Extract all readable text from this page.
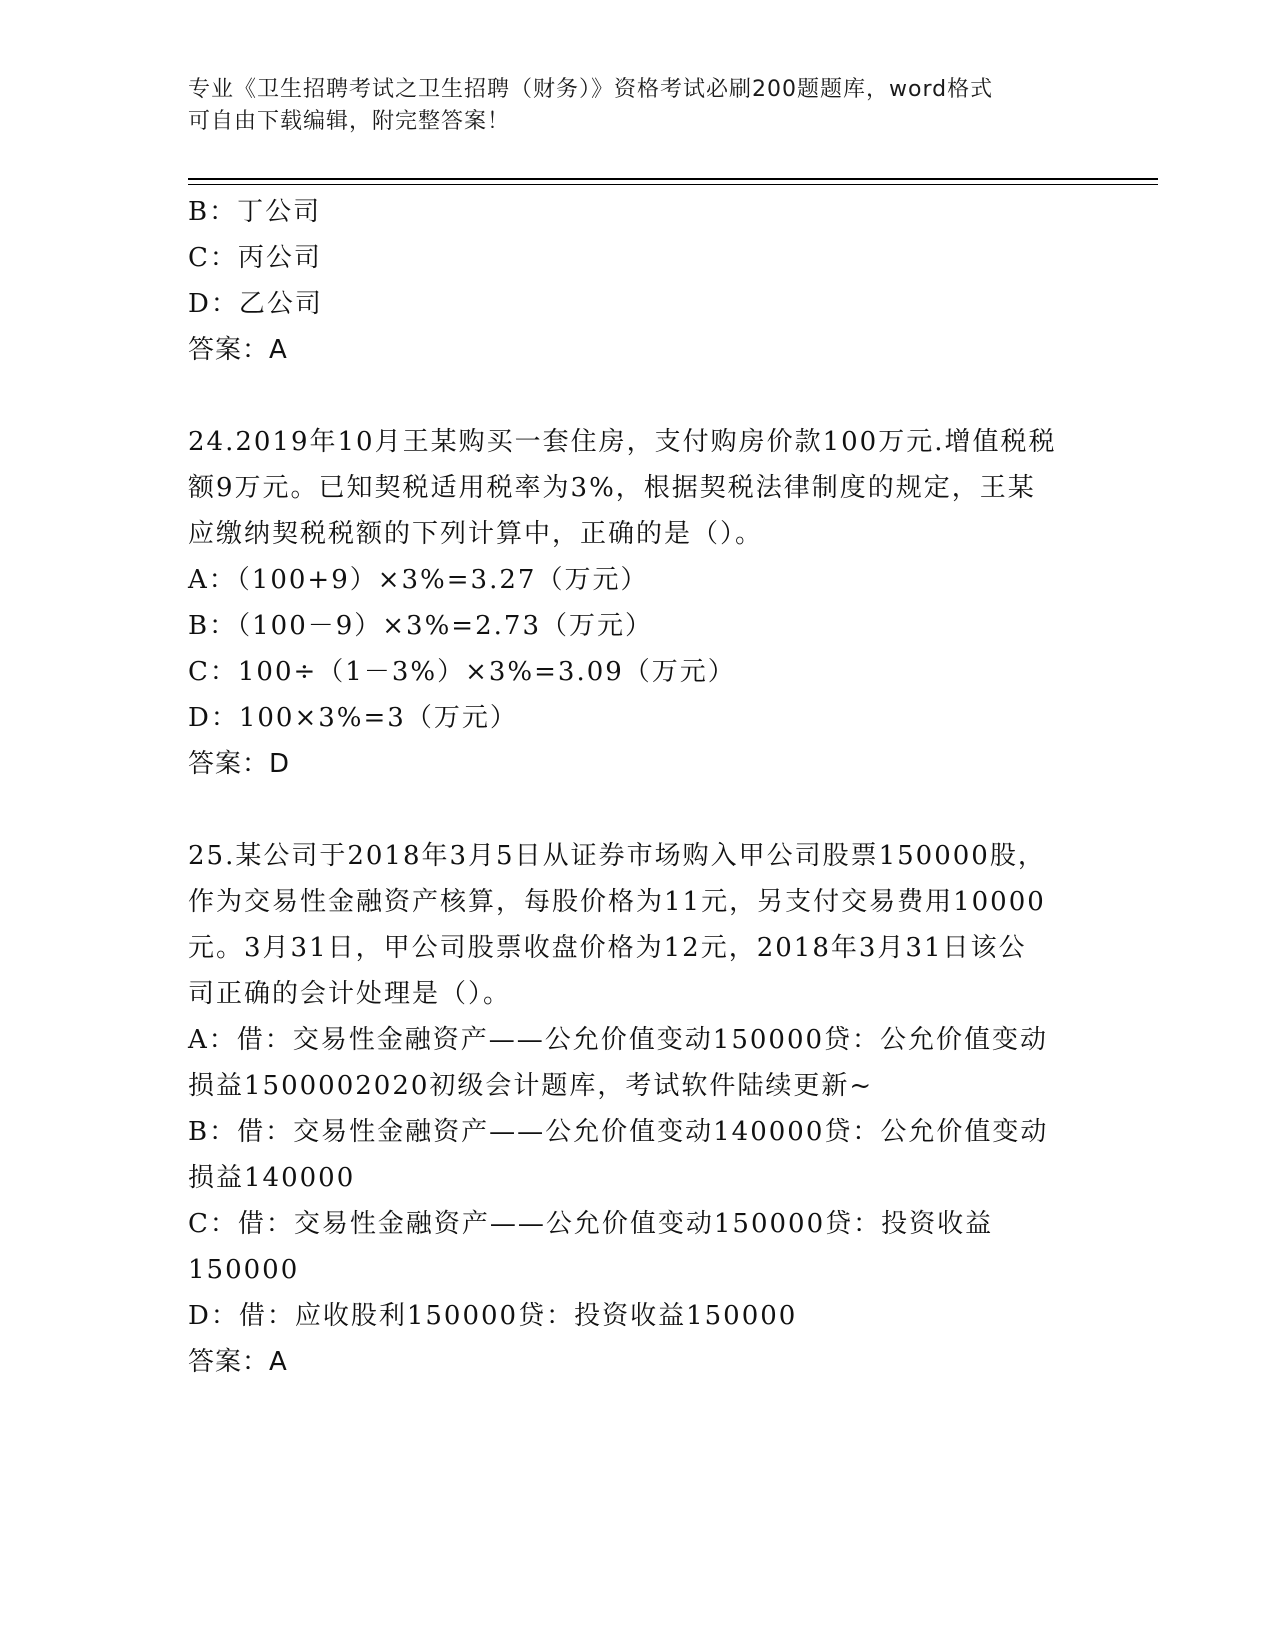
专业《卫生招聘考试之卫生招聘（财务）》资格考试必刷200题题库，word格式
可自由下载编辑，附完整答案！
B：丁公司
C：丙公司
D：乙公司
答案：A
24.2019年10月王某购买一套住房，支付购房价款100万元.增值税税
额9万元。已知契税适用税率为3%，根据契税法律制度的规定，王某
应缴纳契税税额的下列计算中，正确的是（）。
A：（100+9）×3%=3.27（万元）
B：（100－9）×3%=2.73（万元）
C：100÷（1－3%）×3%=3.09（万元）
D：100×3%=3（万元）
答案：D
25.某公司于2018年3月5日从证券市场购入甲公司股票150000股，
作为交易性金融资产核算，每股价格为11元，另支付交易费用10000
元。3月31日，甲公司股票收盘价格为12元，2018年3月31日该公
司正确的会计处理是（）。
A：借：交易性金融资产——公允价值变动150000贷：公允价值变动
损益1500002020初级会计题库，考试软件陆续更新~
B：借：交易性金融资产——公允价值变动140000贷：公允价值变动
损益140000
C：借：交易性金融资产——公允价值变动150000贷：投资收益
150000
D：借：应收股利150000贷：投资收益150000
答案：A
